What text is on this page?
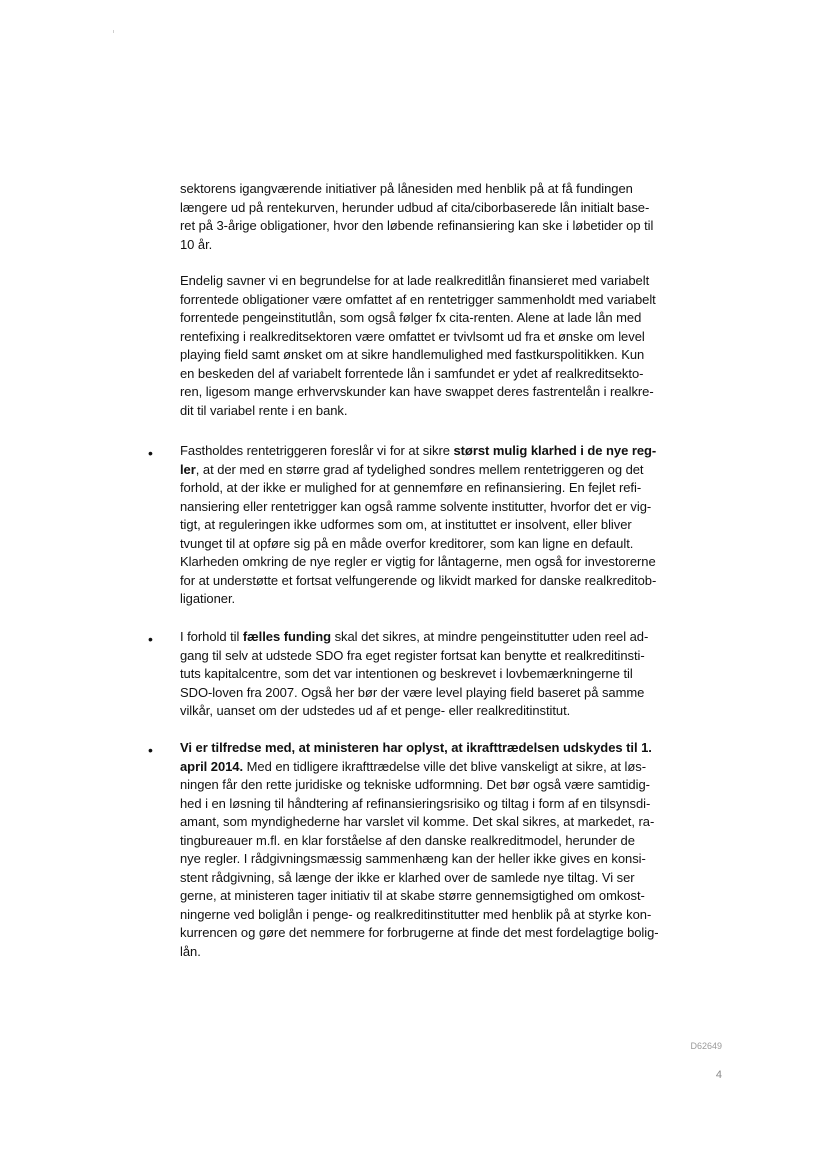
sektorens igangværende initiativer på lånesiden med henblik på at få fundingen
længere ud på rentekurven, herunder udbud af cita/ciborbaserede lån initialt base-
ret på 3-årige obligationer, hvor den løbende refinansiering kan ske i løbetider op til
10 år.

Endelig savner vi en begrundelse for at lade realkreditlån finansieret med variabelt
forrentede obligationer være omfattet af en rentetrigger sammenholdt med variabelt
forrentede pengeinstitutlån, som også følger fx cita-renten. Alene at lade lån med
rentefixing i realkreditsektoren være omfattet er tvivlsomt ud fra et ønske om level
playing field samt ønsket om at sikre handlemulighed med fastkurspolitikken. Kun
en beskeden del af variabelt forrentede lån i samfundet er ydet af realkreditsekto-
ren, ligesom mange erhvervskunder kan have swappet deres fastrentelån i realkre-
dit til variabel rente i en bank.

• Fastholdes rentetriggeren foreslår vi for at sikre størst mulig klarhed i de nye reg-
ler, at der med en større grad af tydelighed sondres mellem rentetriggeren og det
forhold, at der ikke er mulighed for at gennemføre en refinansiering. En fejlet refi-
nansiering eller rentetrigger kan også ramme solvente institutter, hvorfor det er vig-
tigt, at reguleringen ikke udformes som om, at instituttet er insolvent, eller bliver
tvunget til at opføre sig på en måde overfor kreditorer, som kan ligne en default.
Klarheden omkring de nye regler er vigtig for låntagerne, men også for investorerne
for at understøtte et fortsat velfungerende og likvidt marked for danske realkreditob-
ligationer.

• I forhold til fælles funding skal det sikres, at mindre pengeinstitutter uden reel ad-
gang til selv at udstede SDO fra eget register fortsat kan benytte et realkreditinsti-
tuts kapitalcentre, som det var intentionen og beskrevet i lovbemærkningerne til
SDO-loven fra 2007. Også her bør der være level playing field baseret på samme
vilkår, uanset om der udstedes ud af et penge- eller realkreditinstitut.

• Vi er tilfredse med, at ministeren har oplyst, at ikrafttrædelsen udskydes til 1.
april 2014. Med en tidligere ikrafttrædelse ville det blive vanskeligt at sikre, at løs-
ningen får den rette juridiske og tekniske udformning. Det bør også være samtidig-
hed i en løsning til håndtering af refinansieringsrisiko og tiltag i form af en tilsynsdi-
amant, som myndighederne har varslet vil komme. Det skal sikres, at markedet, ra-
tingbureauer m.fl. en klar forståelse af den danske realkreditmodel, herunder de
nye regler. I rådgivningsmæssig sammenhæng kan der heller ikke gives en konsi-
stent rådgivning, så længe der ikke er klarhed over de samlede nye tiltag. Vi ser
gerne, at ministeren tager initiativ til at skabe større gennemsigtighed om omkost-
ningerne ved boliglån i penge- og realkreditinstitutter med henblik på at styrke kon-
kurrencen og gøre det nemmere for forbrugerne at finde det mest fordelagtige bolig-
lån.

D62649
4
